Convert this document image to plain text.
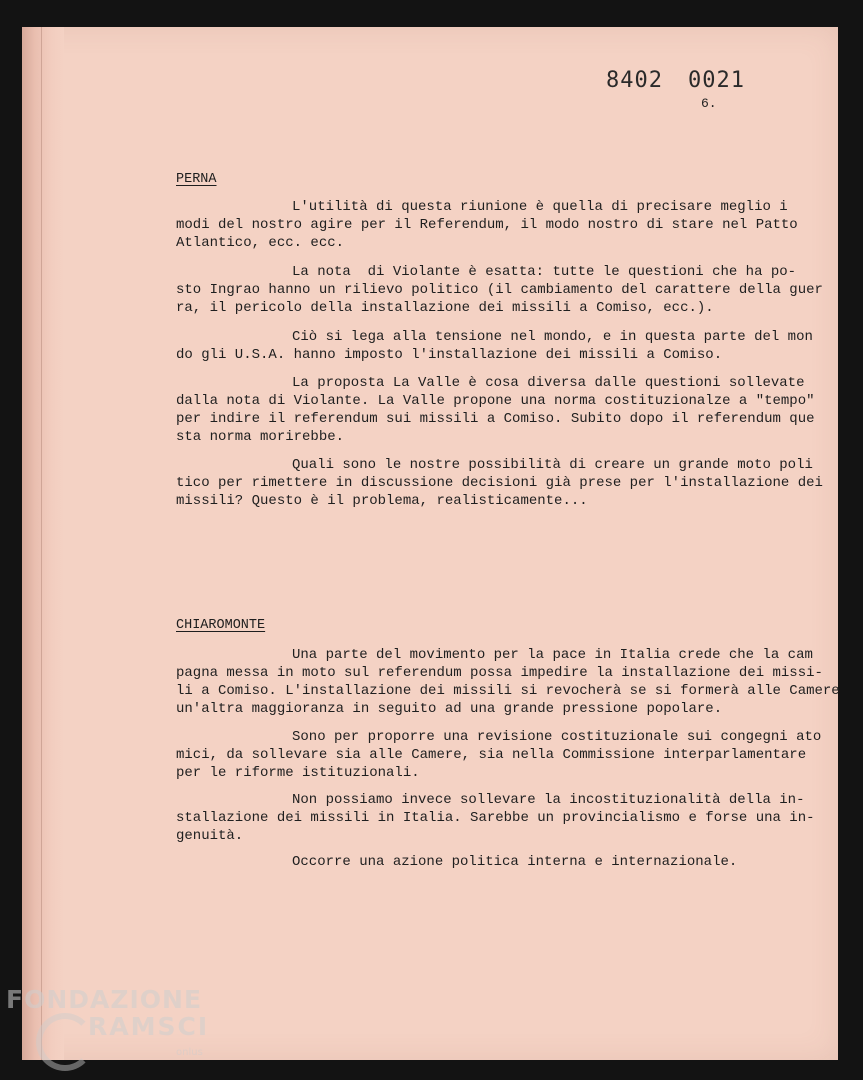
8402 0021
6.
PERNA
L'utilità di questa riunione è quella di precisare meglio i
modi del nostro agire per il Referendum, il modo nostro di stare nel Patto
Atlantico, ecc. ecc.
La nota  di Violante è esatta: tutte le questioni che ha po-
sto Ingrao hanno un rilievo politico (il cambiamento del carattere della guer
ra, il pericolo della installazione dei missili a Comiso, ecc.).
Ciò si lega alla tensione nel mondo, e in questa parte del mon
do gli U.S.A. hanno imposto l'installazione dei missili a Comiso.
La proposta La Valle è cosa diversa dalle questioni sollevate
dalla nota di Violante. La Valle propone una norma costituzionalze a "tempo"
per indire il referendum sui missili a Comiso. Subito dopo il referendum que
sta norma morirebbe.
Quali sono le nostre possibilità di creare un grande moto poli
tico per rimettere in discussione decisioni già prese per l'installazione dei
missili? Questo è il problema, realisticamente...
CHIAROMONTE
Una parte del movimento per la pace in Italia crede che la cam
pagna messa in moto sul referendum possa impedire la installazione dei missi-
li a Comiso. L'installazione dei missili si revocherà se si formerà alle Camere
un'altra maggioranza in seguito ad una grande pressione popolare.
Sono per proporre una revisione costituzionale sui congegni ato
mici, da sollevare sia alle Camere, sia nella Commissione interparlamentare
per le riforme istituzionali.
Non possiamo invece sollevare la incostituzionalità della in-
stallazione dei missili in Italia. Sarebbe un provincialismo e forse una in-
genuità.
Occorre una azione politica interna e internazionale.
FONDAZIONE
RAMSCI
onlus
